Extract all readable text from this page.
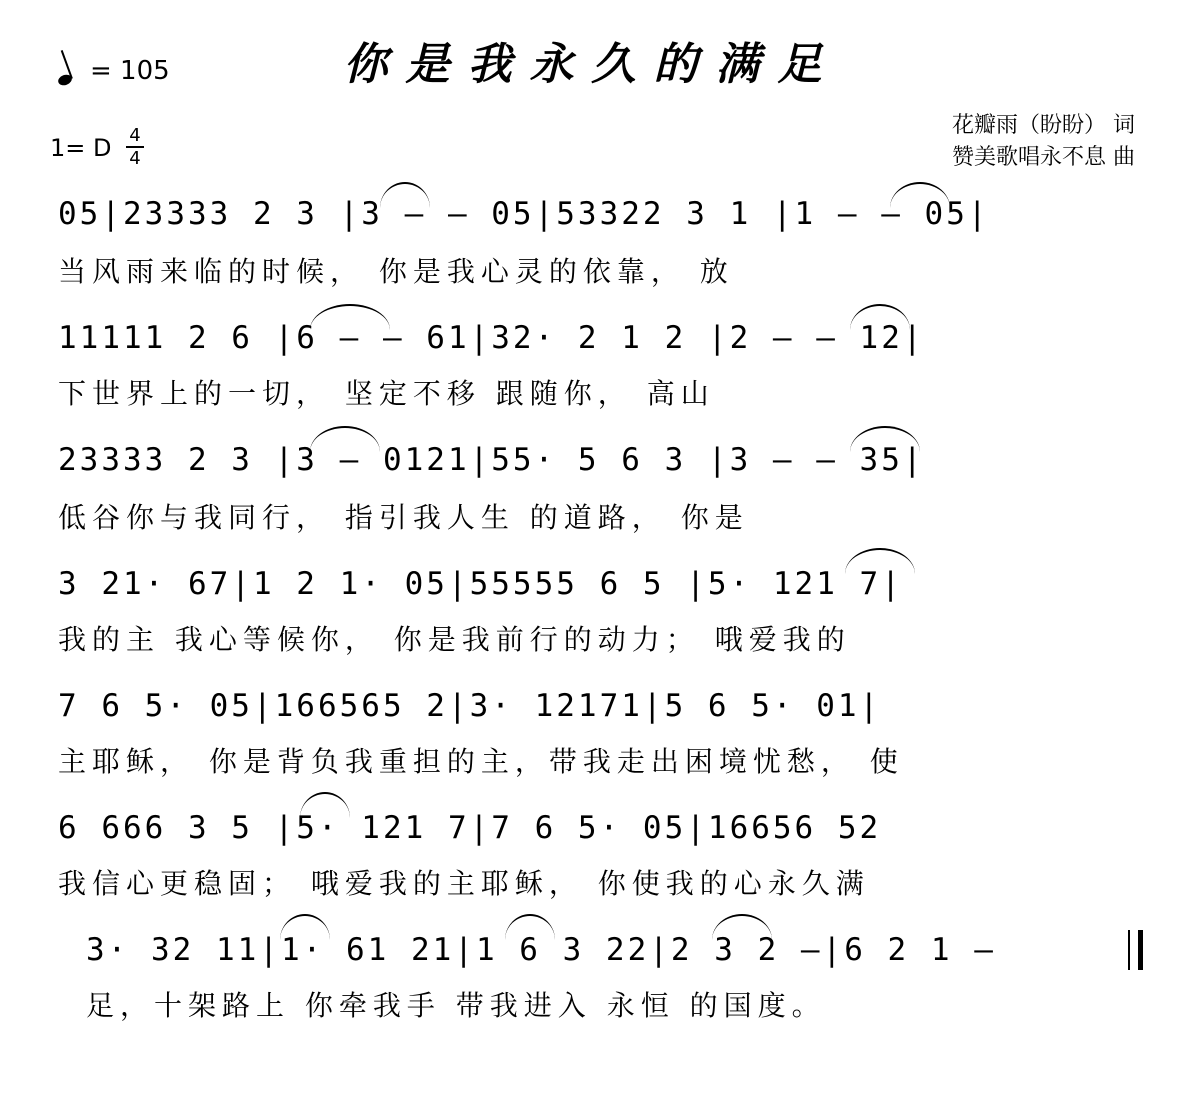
你是我永久的满足
= 105
1= D 4
4
花瓣雨（盼盼） 词
赞美歌唱永不息 曲
05|23333 2 3 |3 – – 05|53322 3 1 |1 – – 05|
当风雨来临的时候， 你是我心灵的依靠， 放
11111 2 6 |6 – – 61|32· 2 1 2 |2 – – 12|
下世界上的一切， 坚定不移 跟随你， 高山
23333 2 3 |3 – 0121|55· 5 6 3 |3 – – 35|
低谷你与我同行， 指引我人生 的道路， 你是
3 21· 67|1 2 1· 05|55555 6 5 |5· 121 7|
我的主 我心等候你， 你是我前行的动力； 哦爱我的
7 6 5· 05|166565 2|3· 12171|5 6 5· 01|
主耶稣， 你是背负我重担的主，带我走出困境忧愁， 使
6 666 3 5 |5· 121 7|7 6 5· 05|16656 52
我信心更稳固； 哦爱我的主耶稣， 你使我的心永久满
3· 32 11|1· 61 21|1 6 3 22|2 3 2 –|6 2 1 –
足，十架路上 你牵我手 带我进入 永恒 的国度。
